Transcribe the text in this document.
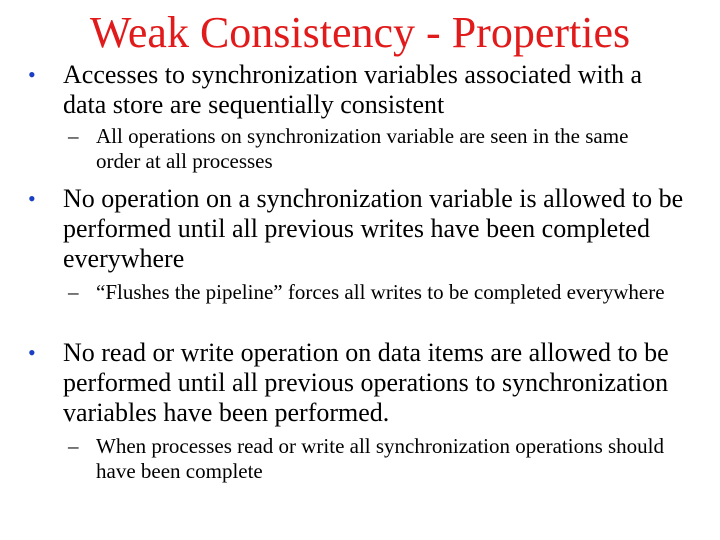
Weak Consistency - Properties
• Accesses to synchronization variables associated with a data store are sequentially consistent
– All operations on synchronization variable are seen in the same order at all processes
• No operation on a synchronization variable is allowed to be performed until all previous writes have been completed everywhere
– “Flushes the pipeline” forces all writes to be completed everywhere
• No read or write operation on data items are allowed to be performed until all previous operations to synchronization variables have been performed.
– When processes read or write all synchronization operations should have been complete
